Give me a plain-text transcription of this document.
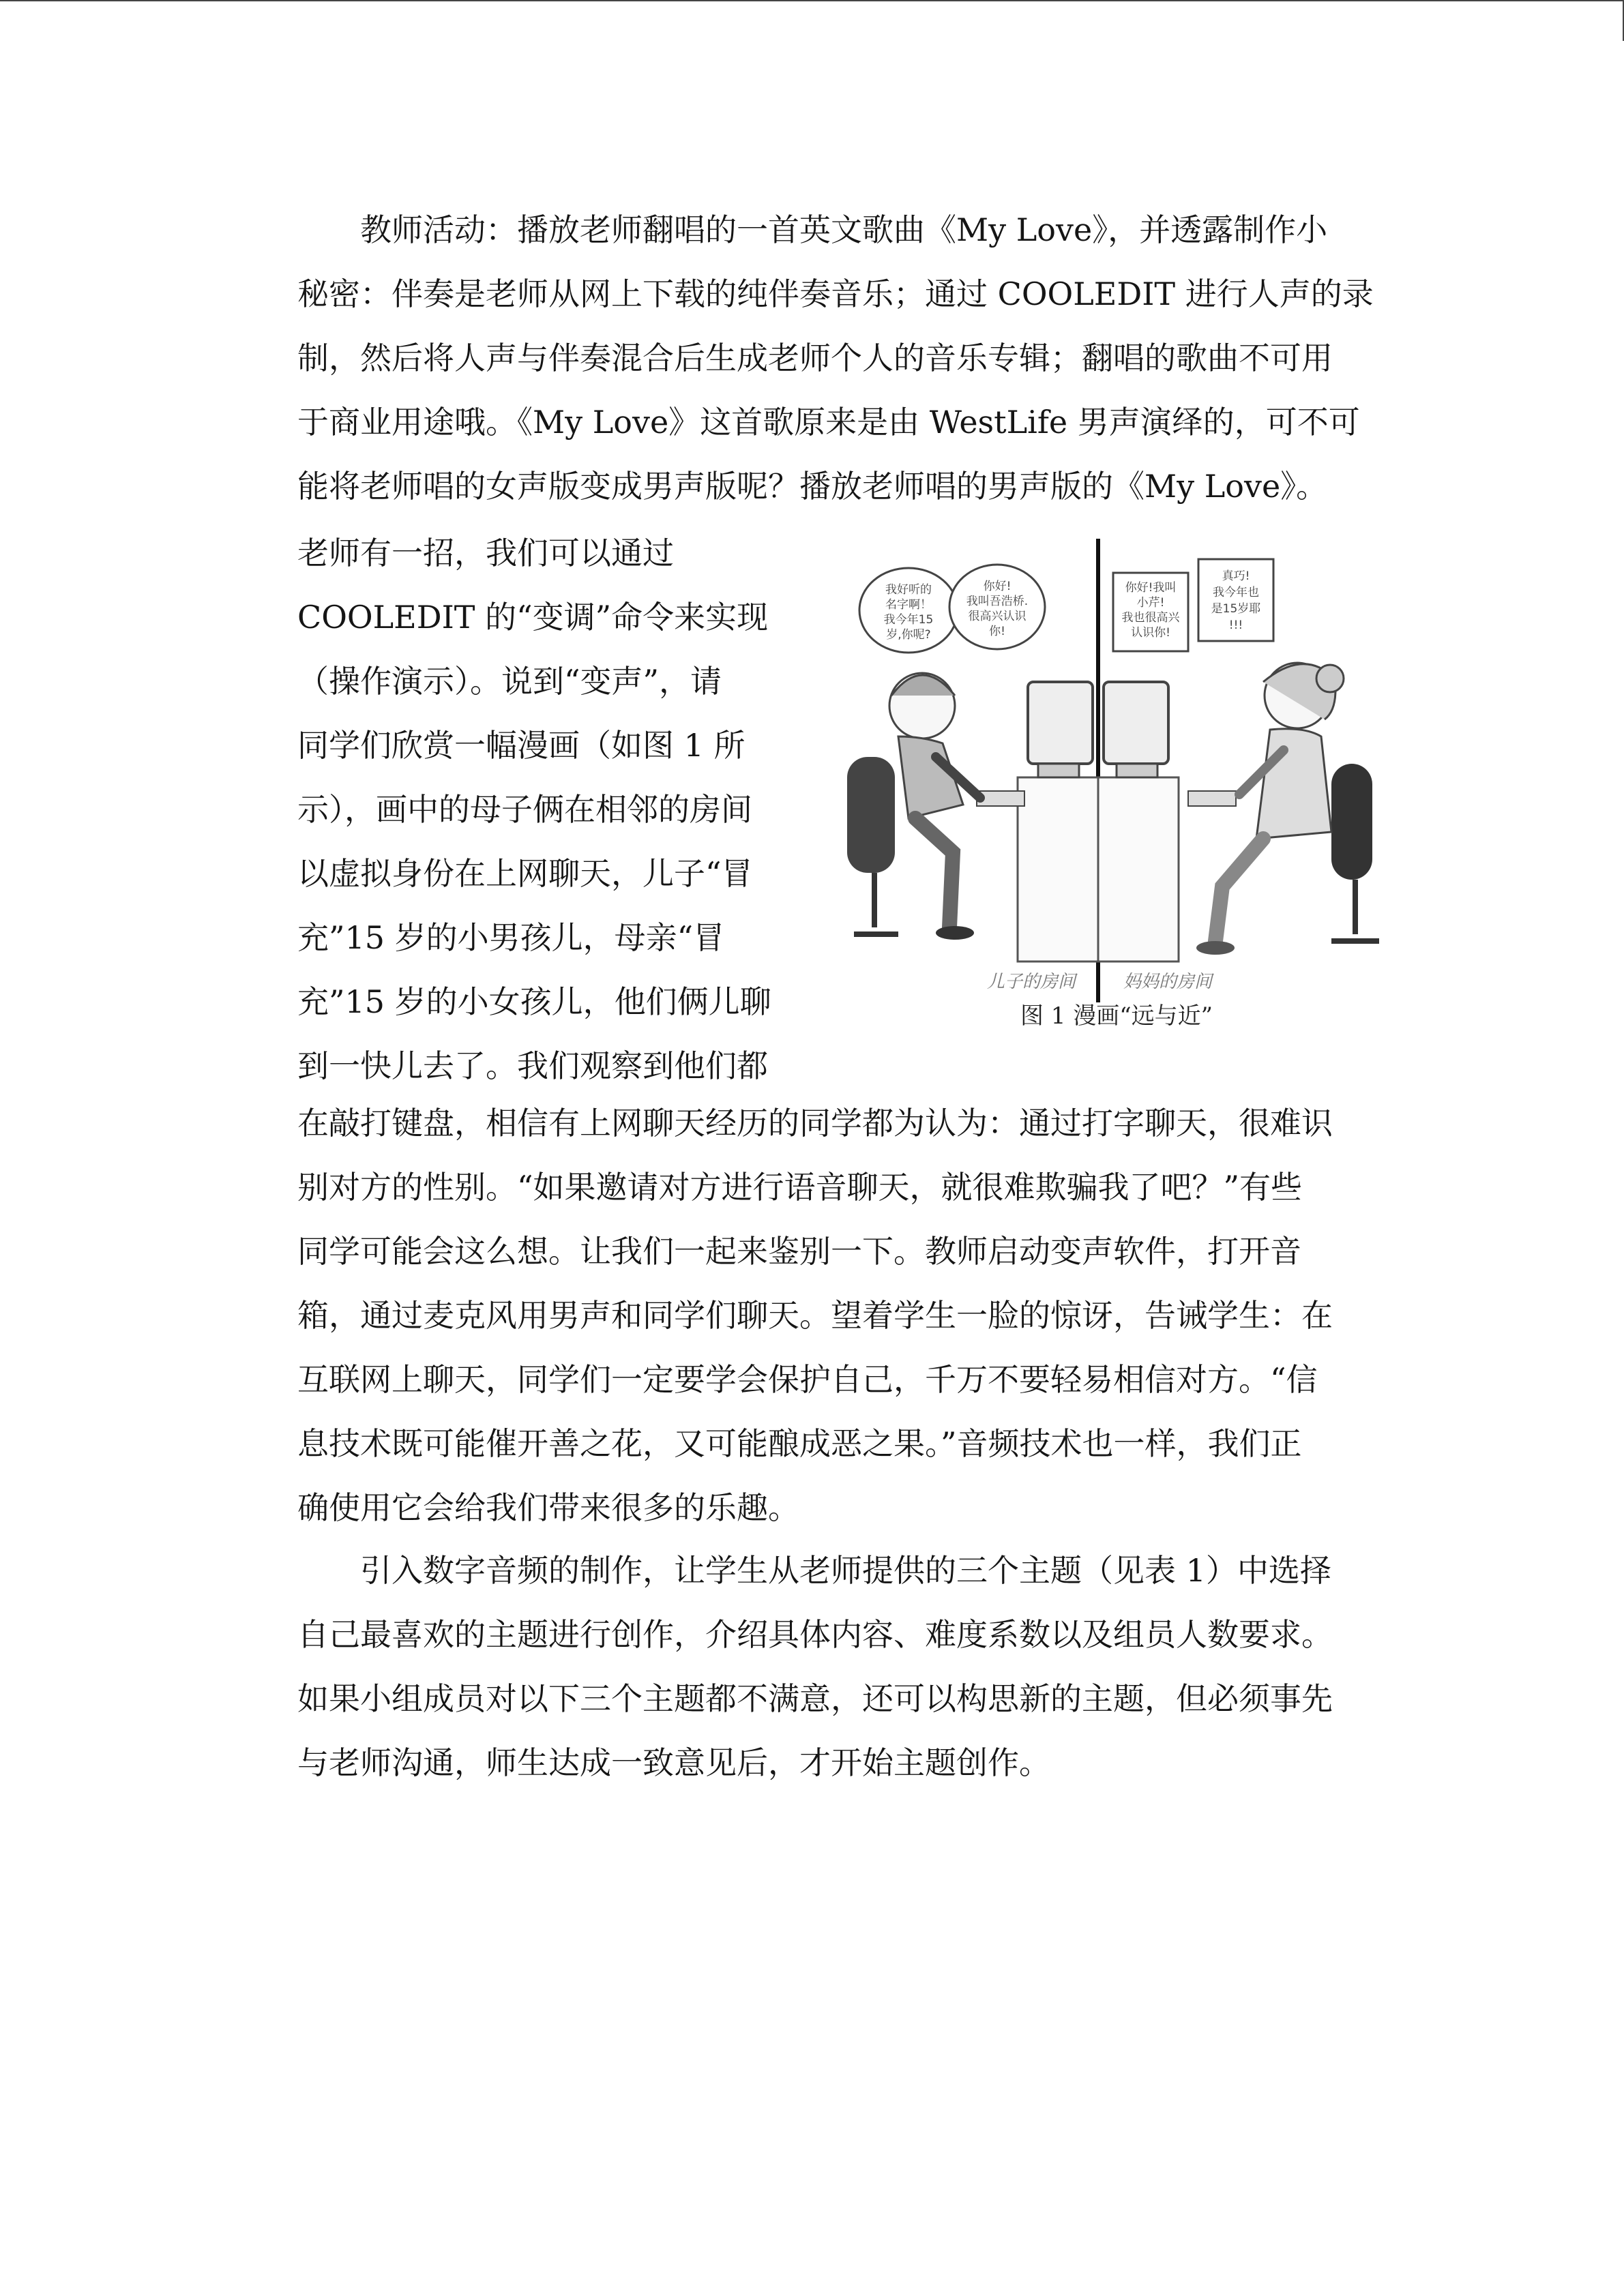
教师活动：播放老师翻唱的一首英文歌曲《My Love》，并透露制作小
秘密：伴奏是老师从网上下载的纯伴奏音乐；通过 COOLEDIT 进行人声的录
制，然后将人声与伴奏混合后生成老师个人的音乐专辑；翻唱的歌曲不可用
于商业用途哦。《My Love》这首歌原来是由 WestLife 男声演绎的，可不可
能将老师唱的女声版变成男声版呢？播放老师唱的男声版的《My Love》。
老师有一招，我们可以通过
COOLEDIT 的“变调”命令来实现
（操作演示）。说到“变声”，请
同学们欣赏一幅漫画（如图 1 所
示），画中的母子俩在相邻的房间
以虚拟身份在上网聊天，儿子“冒
充”15 岁的小男孩儿，母亲“冒
充”15 岁的小女孩儿，他们俩儿聊
到一快儿去了。我们观察到他们都
我好听的
名字啊！
我今年15
岁,你呢?
你好!
我叫吾浩桥.
很高兴认识
你!
你好!我叫
小芹!
我也很高兴
认识你!
真巧!
我今年也
是15岁耶
!!!
儿子的房间	妈妈的房间
图 1 漫画“远与近”
在敲打键盘，相信有上网聊天经历的同学都为认为：通过打字聊天，很难识
别对方的性别。“如果邀请对方进行语音聊天，就很难欺骗我了吧？”有些
同学可能会这么想。让我们一起来鉴别一下。教师启动变声软件，打开音
箱，通过麦克风用男声和同学们聊天。望着学生一脸的惊讶，告诫学生：在
互联网上聊天，同学们一定要学会保护自己，千万不要轻易相信对方。“信
息技术既可能催开善之花，又可能酿成恶之果。”音频技术也一样，我们正
确使用它会给我们带来很多的乐趣。
引入数字音频的制作，让学生从老师提供的三个主题（见表 1）中选择
自己最喜欢的主题进行创作，介绍具体内容、难度系数以及组员人数要求。
如果小组成员对以下三个主题都不满意，还可以构思新的主题，但必须事先
与老师沟通，师生达成一致意见后，才开始主题创作。
